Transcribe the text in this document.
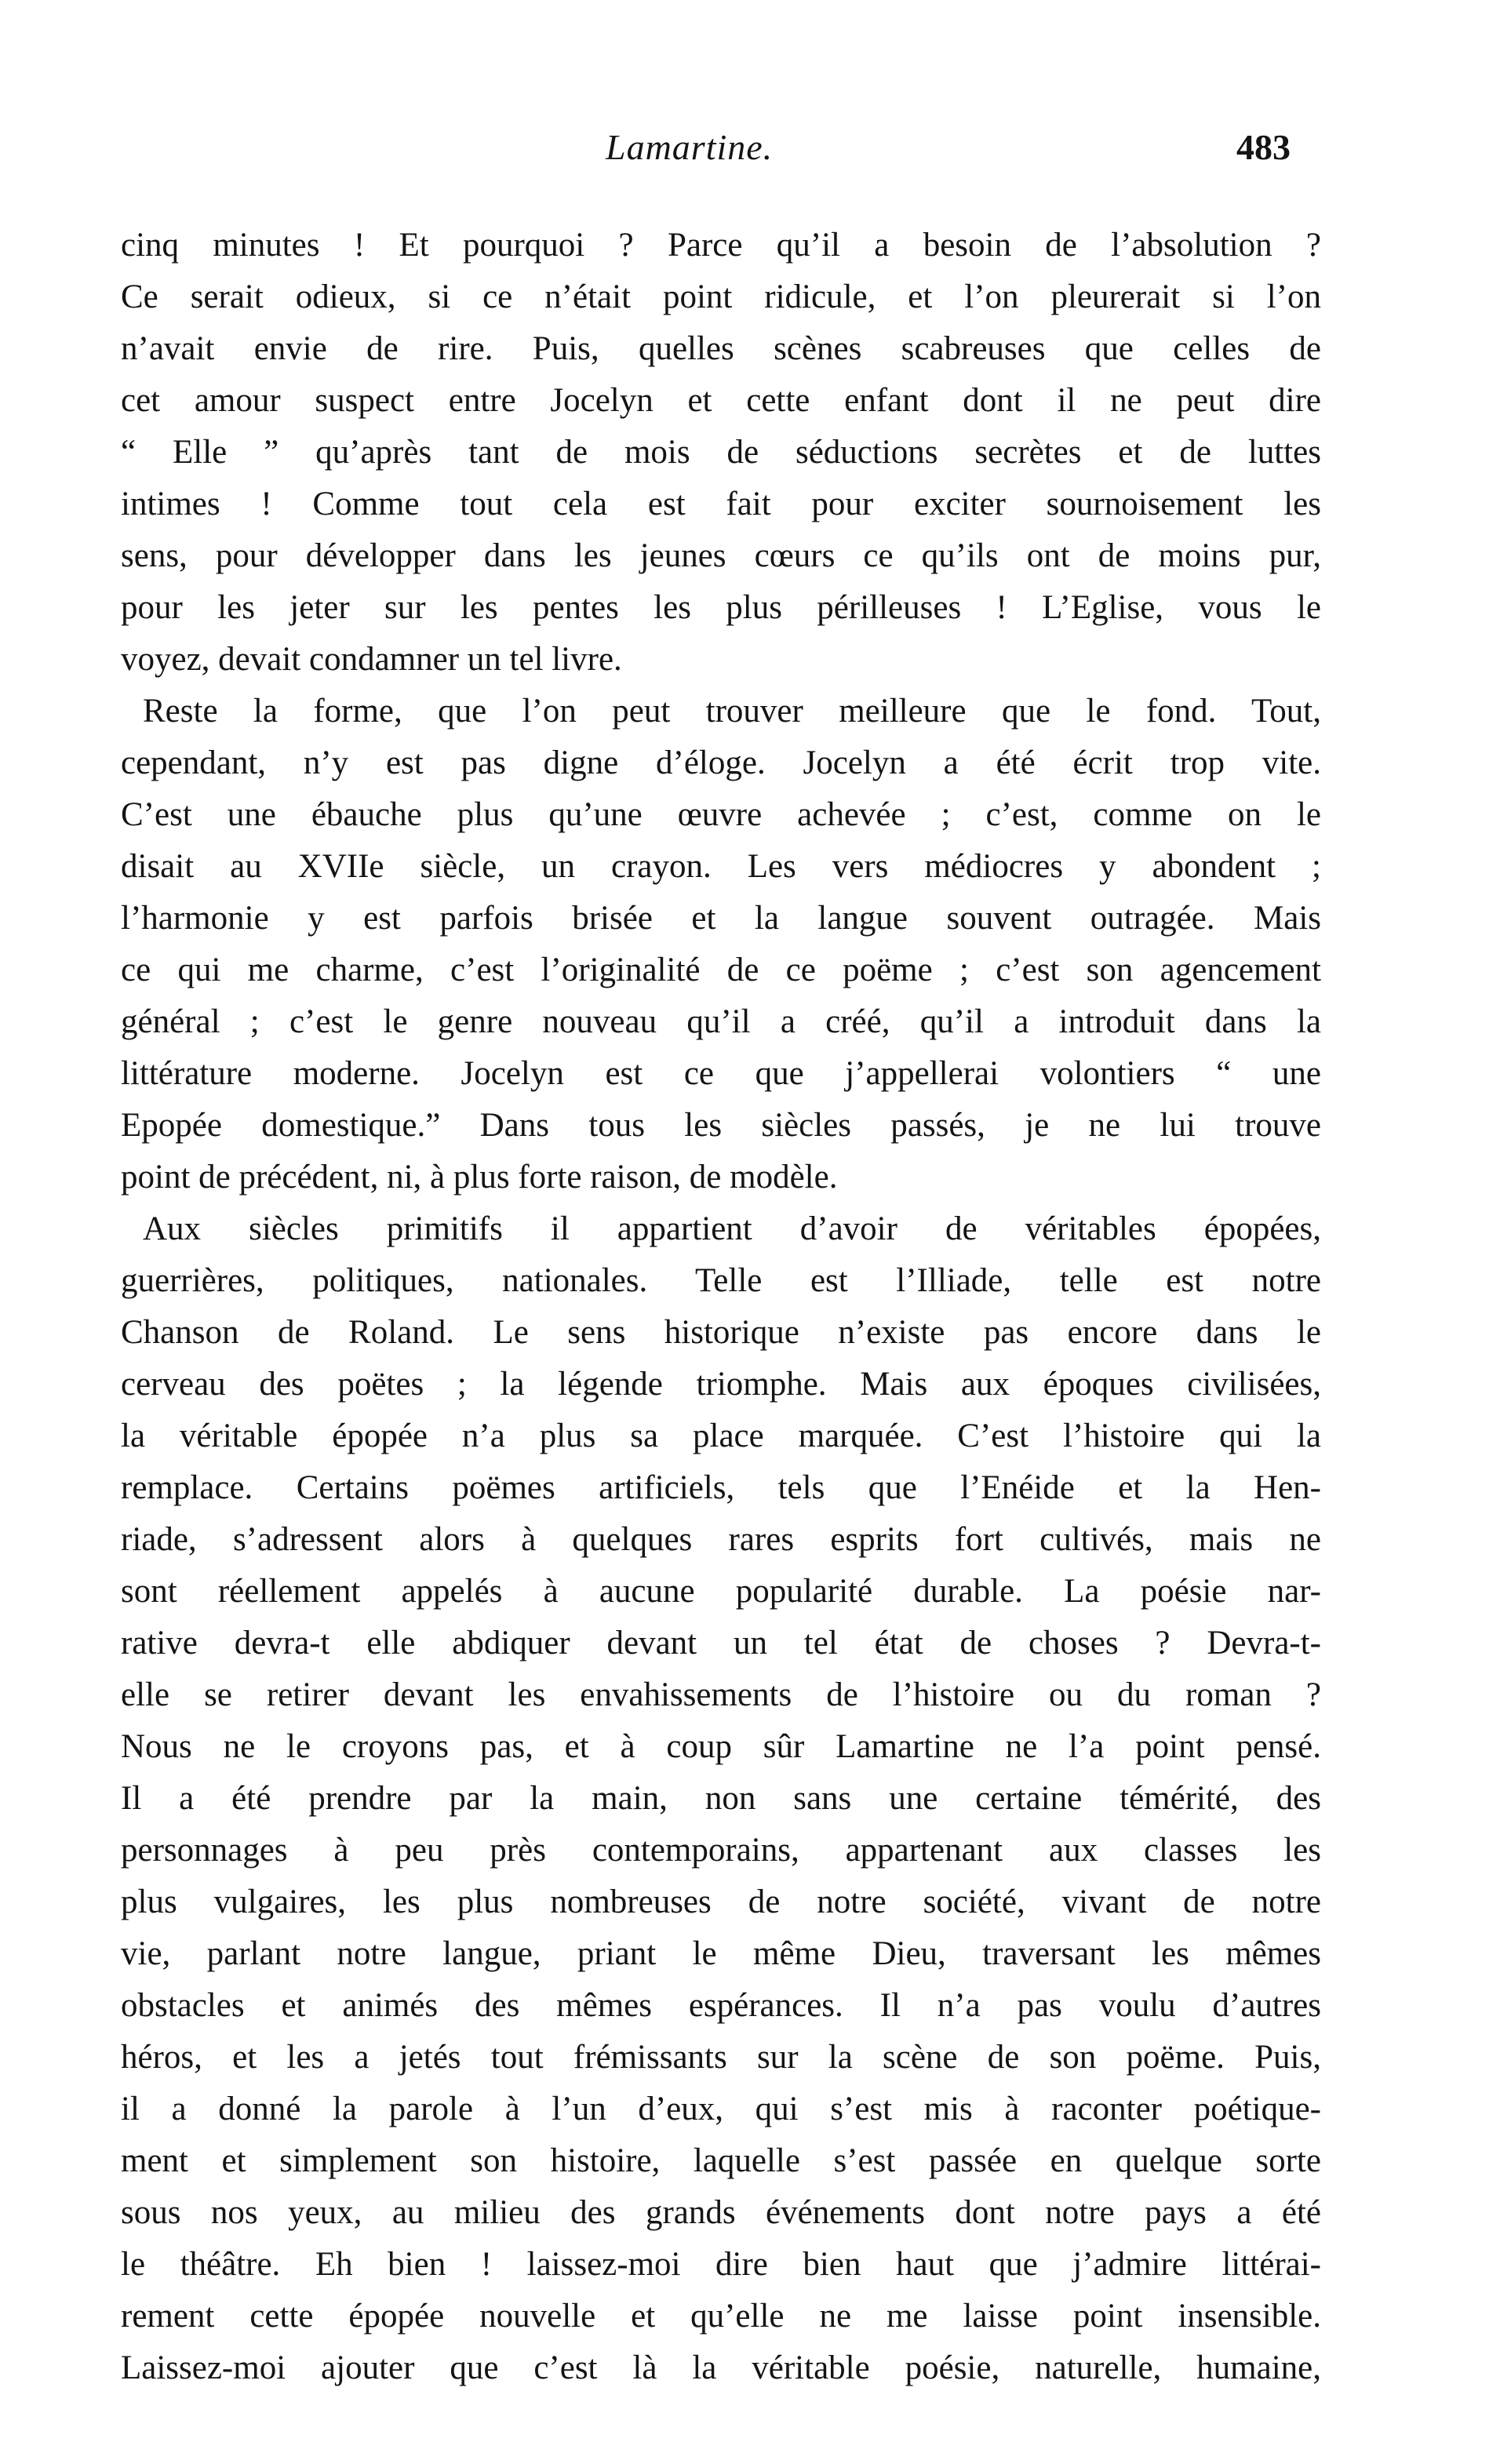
Lamartine.	483
cinq minutes ! Et pourquoi ? Parce qu’il a besoin de l’absolution ?
Ce serait odieux, si ce n’était point ridicule, et l’on pleurerait si l’on
n’avait envie de rire. Puis, quelles scènes scabreuses que celles de
cet amour suspect entre Jocelyn et cette enfant dont il ne peut dire
“ Elle ” qu’après tant de mois de séductions secrètes et de luttes
intimes ! Comme tout cela est fait pour exciter sournoisement les
sens, pour développer dans les jeunes cœurs ce qu’ils ont de moins pur,
pour les jeter sur les pentes les plus périlleuses ! L’Eglise, vous le
voyez, devait condamner un tel livre.
Reste la forme, que l’on peut trouver meilleure que le fond. Tout,
cependant, n’y est pas digne d’éloge. Jocelyn a été écrit trop vite.
C’est une ébauche plus qu’une œuvre achevée ; c’est, comme on le
disait au XVIIe siècle, un crayon. Les vers médiocres y abondent ;
l’harmonie y est parfois brisée et la langue souvent outragée. Mais
ce qui me charme, c’est l’originalité de ce poëme ; c’est son agencement
général ; c’est le genre nouveau qu’il a créé, qu’il a introduit dans la
littérature moderne. Jocelyn est ce que j’appellerai volontiers “ une
Epopée domestique.” Dans tous les siècles passés, je ne lui trouve
point de précédent, ni, à plus forte raison, de modèle.
Aux siècles primitifs il appartient d’avoir de véritables épopées,
guerrières, politiques, nationales. Telle est l’Illiade, telle est notre
Chanson de Roland. Le sens historique n’existe pas encore dans le
cerveau des poëtes ; la légende triomphe. Mais aux époques civilisées,
la véritable épopée n’a plus sa place marquée. C’est l’histoire qui la
remplace. Certains poëmes artificiels, tels que l’Enéide et la Hen-
riade, s’adressent alors à quelques rares esprits fort cultivés, mais ne
sont réellement appelés à aucune popularité durable. La poésie nar-
rative devra-t elle abdiquer devant un tel état de choses ? Devra-t-
elle se retirer devant les envahissements de l’histoire ou du roman ?
Nous ne le croyons pas, et à coup sûr Lamartine ne l’a point pensé.
Il a été prendre par la main, non sans une certaine témérité, des
personnages à peu près contemporains, appartenant aux classes les
plus vulgaires, les plus nombreuses de notre société, vivant de notre
vie, parlant notre langue, priant le même Dieu, traversant les mêmes
obstacles et animés des mêmes espérances. Il n’a pas voulu d’autres
héros, et les a jetés tout frémissants sur la scène de son poëme. Puis,
il a donné la parole à l’un d’eux, qui s’est mis à raconter poétique-
ment et simplement son histoire, laquelle s’est passée en quelque sorte
sous nos yeux, au milieu des grands événements dont notre pays a été
le théâtre. Eh bien ! laissez-moi dire bien haut que j’admire littérai-
rement cette épopée nouvelle et qu’elle ne me laisse point insensible.
Laissez-moi ajouter que c’est là la véritable poésie, naturelle, humaine,
